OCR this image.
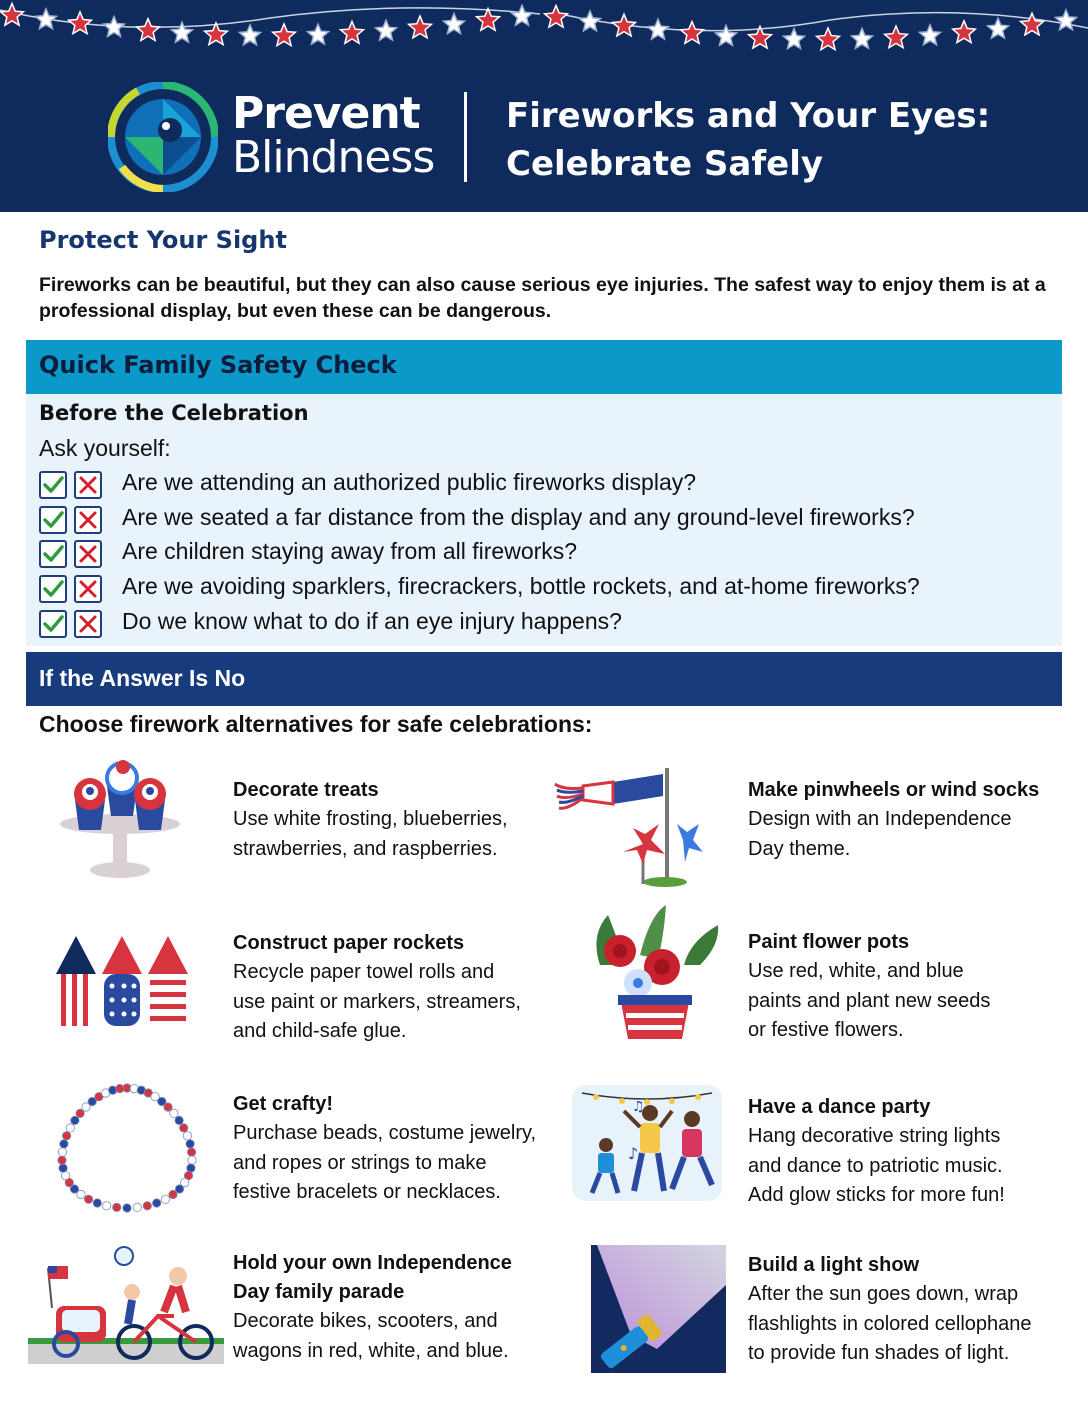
Prevent
Blindness
Fireworks and Your Eyes:
Celebrate Safely
Protect Your Sight
Fireworks can be beautiful, but they can also cause serious eye injuries. The safest way to enjoy them is at a professional display, but even these can be dangerous.
Quick Family Safety Check
Before the Celebration
Ask yourself:
Are we attending an authorized public fireworks display?
Are we seated a far distance from the display and any ground-level fireworks?
Are children staying away from all fireworks?
Are we avoiding sparklers, firecrackers, bottle rockets, and at-home fireworks?
Do we know what to do if an eye injury happens?
If the Answer Is No
Choose firework alternatives for safe celebrations:
♪
♫
Decorate treats
Use white frosting, blueberries,
strawberries, and raspberries.
Make pinwheels or wind socks
Design with an Independence
Day theme.
Construct paper rockets
Recycle paper towel rolls and
use paint or markers, streamers,
and child-safe glue.
Paint flower pots
Use red, white, and blue
paints and plant new seeds
or festive flowers.
Get crafty!
Purchase beads, costume jewelry,
and ropes or strings to make
festive bracelets or necklaces.
Have a dance party
Hang decorative string lights
and dance to patriotic music.
Add glow sticks for more fun!
Hold your own Independence
Day family parade
Decorate bikes, scooters, and
wagons in red, white, and blue.
Build a light show
After the sun goes down, wrap
flashlights in colored cellophane
to provide fun shades of light.
